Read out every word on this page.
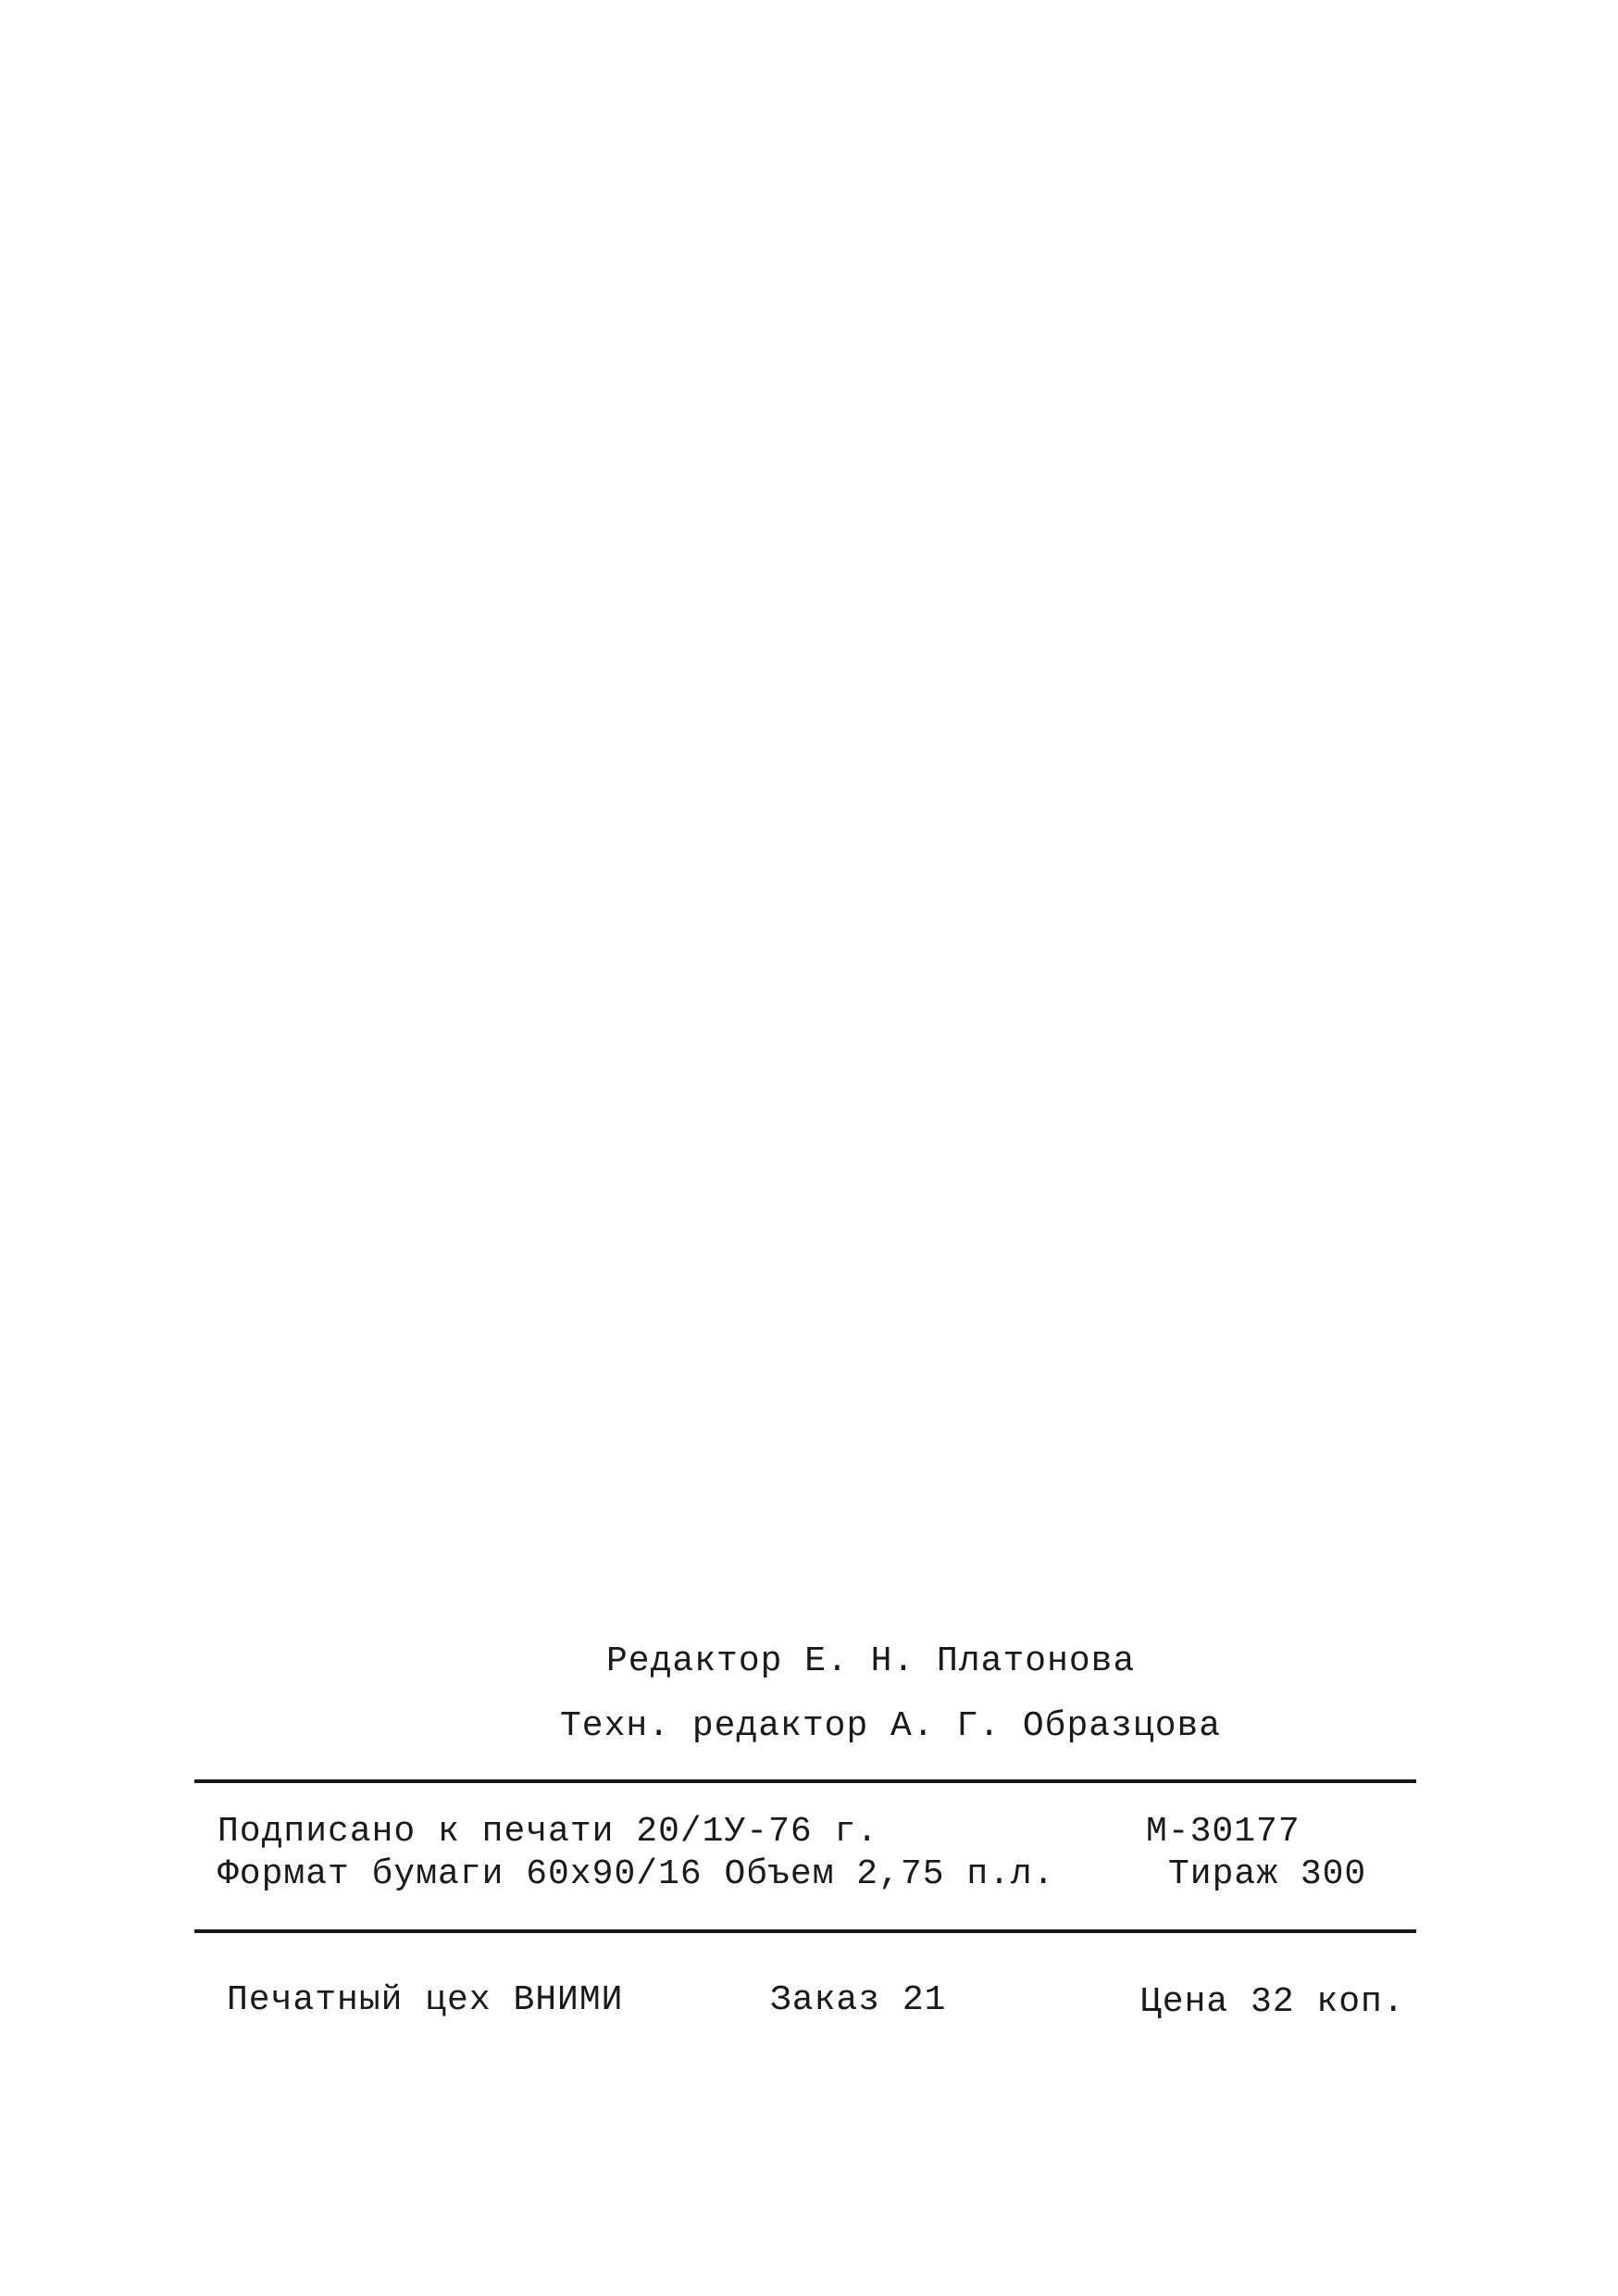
Редактор Е. Н. Платонова
Техн. редактор А. Г. Образцова
Подписано к печати 20/1У-76 г.	М-30177
Формат бумаги 60х90/16 Объем 2,75 п.л.	Тираж 300
Печатный цех ВНИМИ	Заказ 21	Цена 32 коп.
